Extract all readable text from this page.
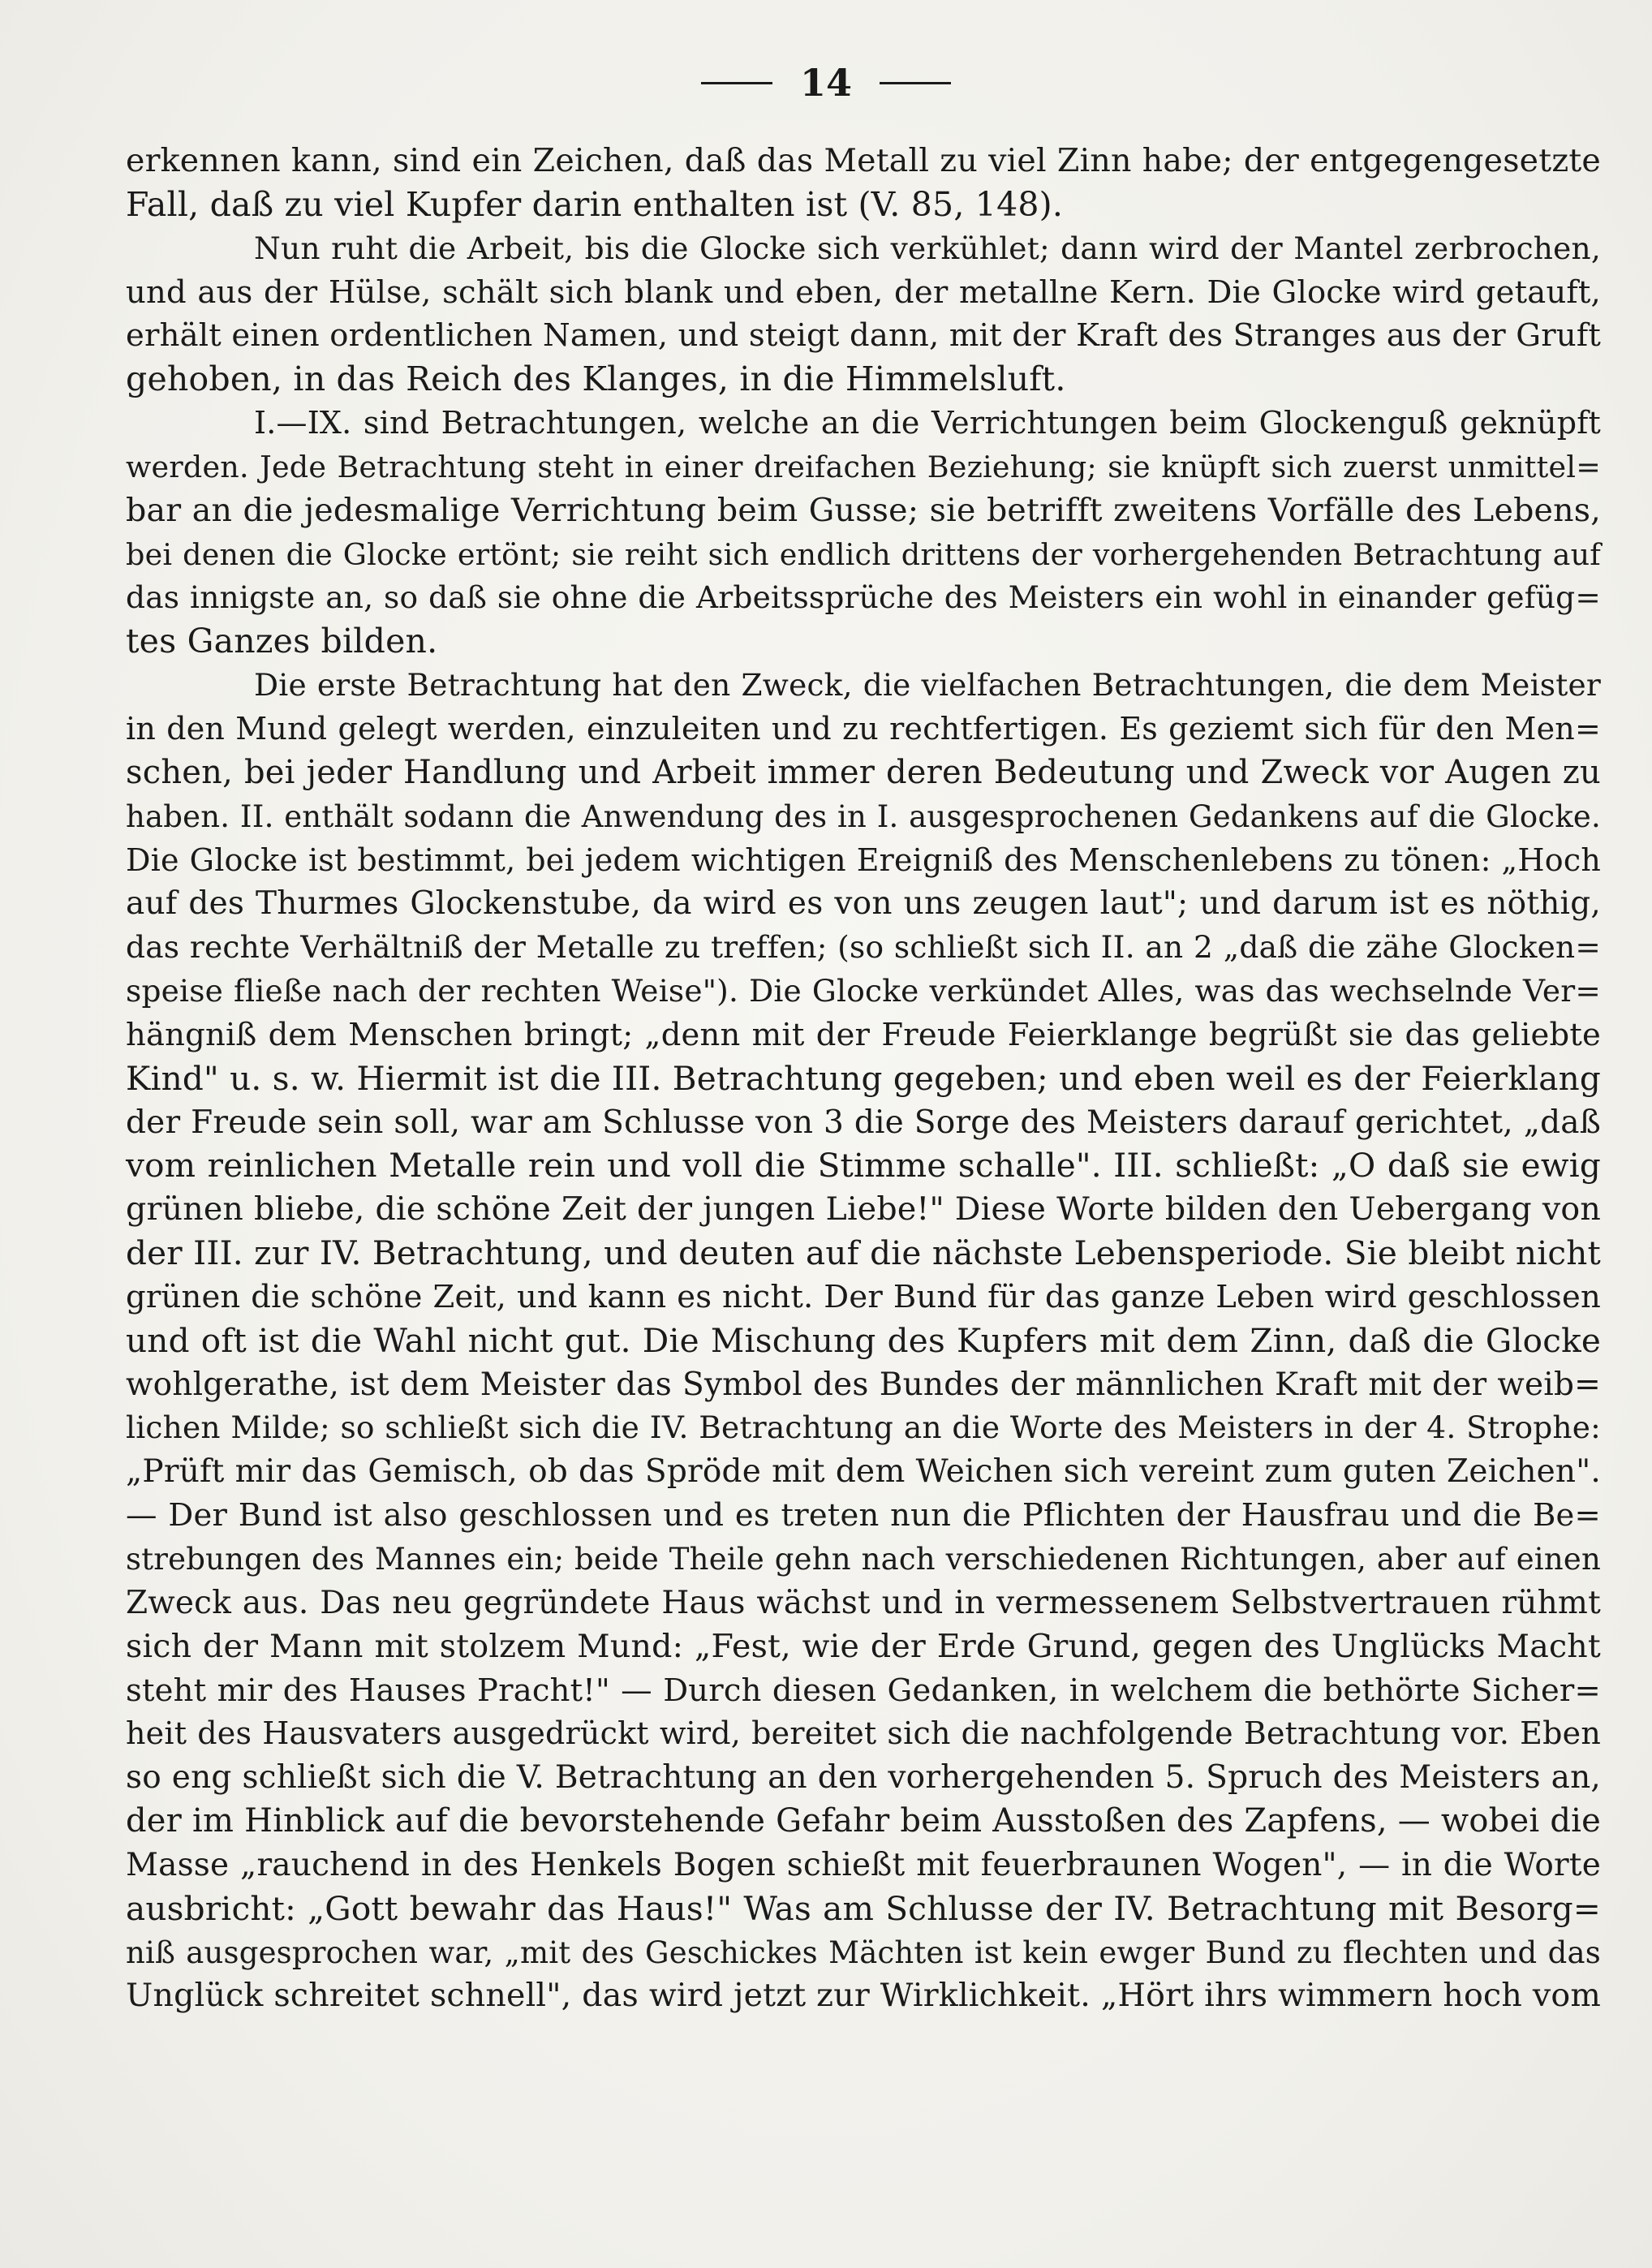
14
erkennen kann, sind ein Zeichen, daß das Metall zu viel Zinn habe; der entgegengesetzte
Fall, daß zu viel Kupfer darin enthalten ist (V. 85, 148).
Nun ruht die Arbeit, bis die Glocke sich verkühlet; dann wird der Mantel zerbrochen,
und aus der Hülse, schält sich blank und eben, der metallne Kern. Die Glocke wird getauft,
erhält einen ordentlichen Namen, und steigt dann, mit der Kraft des Stranges aus der Gruft
gehoben, in das Reich des Klanges, in die Himmelsluft.
I.—IX. sind Betrachtungen, welche an die Verrichtungen beim Glockenguß geknüpft
werden. Jede Betrachtung steht in einer dreifachen Beziehung; sie knüpft sich zuerst unmittel=
bar an die jedesmalige Verrichtung beim Gusse; sie betrifft zweitens Vorfälle des Lebens,
bei denen die Glocke ertönt; sie reiht sich endlich drittens der vorhergehenden Betrachtung auf
das innigste an, so daß sie ohne die Arbeitssprüche des Meisters ein wohl in einander gefüg=
tes Ganzes bilden.
Die erste Betrachtung hat den Zweck, die vielfachen Betrachtungen, die dem Meister
in den Mund gelegt werden, einzuleiten und zu rechtfertigen. Es geziemt sich für den Men=
schen, bei jeder Handlung und Arbeit immer deren Bedeutung und Zweck vor Augen zu
haben. II. enthält sodann die Anwendung des in I. ausgesprochenen Gedankens auf die Glocke.
Die Glocke ist bestimmt, bei jedem wichtigen Ereigniß des Menschenlebens zu tönen: „Hoch
auf des Thurmes Glockenstube, da wird es von uns zeugen laut"; und darum ist es nöthig,
das rechte Verhältniß der Metalle zu treffen; (so schließt sich II. an 2 „daß die zähe Glocken=
speise fließe nach der rechten Weise"). Die Glocke verkündet Alles, was das wechselnde Ver=
hängniß dem Menschen bringt; „denn mit der Freude Feierklange begrüßt sie das geliebte
Kind" u. s. w. Hiermit ist die III. Betrachtung gegeben; und eben weil es der Feierklang
der Freude sein soll, war am Schlusse von 3 die Sorge des Meisters darauf gerichtet, „daß
vom reinlichen Metalle rein und voll die Stimme schalle". III. schließt: „O daß sie ewig
grünen bliebe, die schöne Zeit der jungen Liebe!" Diese Worte bilden den Uebergang von
der III. zur IV. Betrachtung, und deuten auf die nächste Lebensperiode. Sie bleibt nicht
grünen die schöne Zeit, und kann es nicht. Der Bund für das ganze Leben wird geschlossen
und oft ist die Wahl nicht gut. Die Mischung des Kupfers mit dem Zinn, daß die Glocke
wohlgerathe, ist dem Meister das Symbol des Bundes der männlichen Kraft mit der weib=
lichen Milde; so schließt sich die IV. Betrachtung an die Worte des Meisters in der 4. Strophe:
„Prüft mir das Gemisch, ob das Spröde mit dem Weichen sich vereint zum guten Zeichen".
— Der Bund ist also geschlossen und es treten nun die Pflichten der Hausfrau und die Be=
strebungen des Mannes ein; beide Theile gehn nach verschiedenen Richtungen, aber auf einen
Zweck aus. Das neu gegründete Haus wächst und in vermessenem Selbstvertrauen rühmt
sich der Mann mit stolzem Mund: „Fest, wie der Erde Grund, gegen des Unglücks Macht
steht mir des Hauses Pracht!" — Durch diesen Gedanken, in welchem die bethörte Sicher=
heit des Hausvaters ausgedrückt wird, bereitet sich die nachfolgende Betrachtung vor. Eben
so eng schließt sich die V. Betrachtung an den vorhergehenden 5. Spruch des Meisters an,
der im Hinblick auf die bevorstehende Gefahr beim Ausstoßen des Zapfens, — wobei die
Masse „rauchend in des Henkels Bogen schießt mit feuerbraunen Wogen", — in die Worte
ausbricht: „Gott bewahr das Haus!" Was am Schlusse der IV. Betrachtung mit Besorg=
niß ausgesprochen war, „mit des Geschickes Mächten ist kein ewger Bund zu flechten und das
Unglück schreitet schnell", das wird jetzt zur Wirklichkeit. „Hört ihrs wimmern hoch vom
